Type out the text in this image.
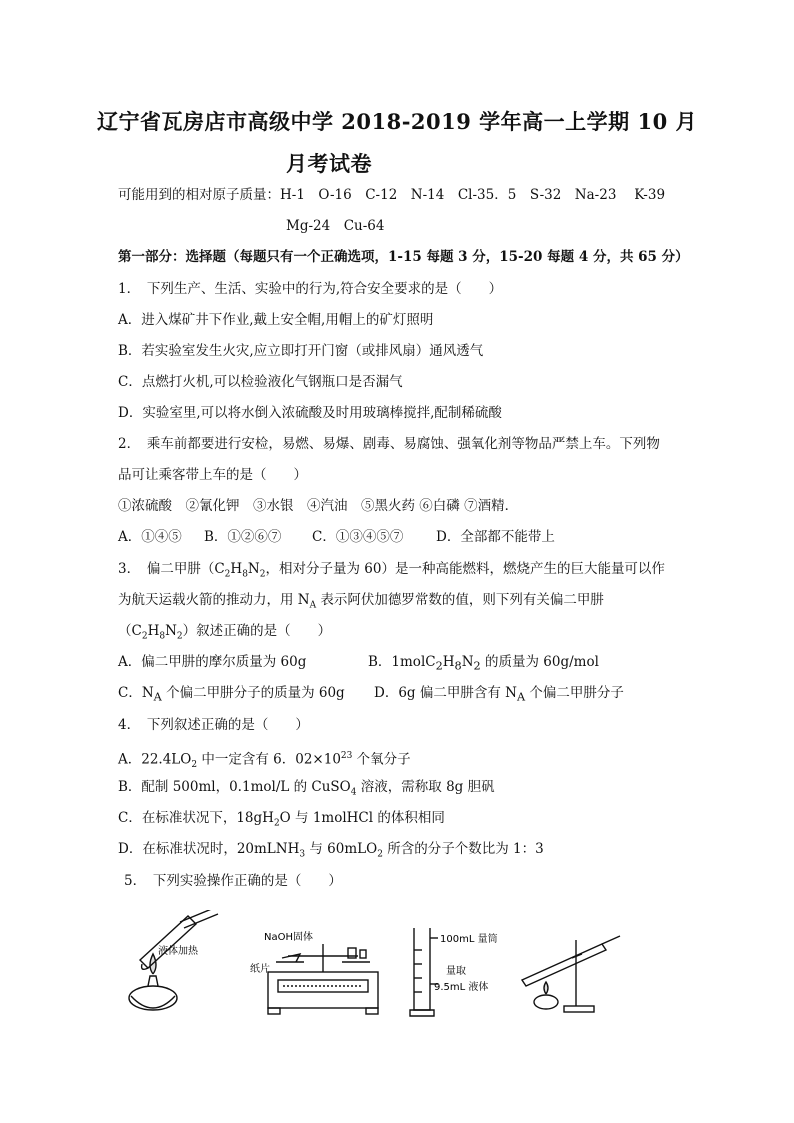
辽宁省瓦房店市高级中学 2018-2019 学年高一上学期 10 月
月考试卷
可能用到的相对原子质量：H-1　O-16　C-12　N-14　Cl-35．5　S-32　Na-23　 K-39
Mg-24　Cu-64
第一部分：选择题（每题只有一个正确选项，1-15 每题 3 分，15-20 每题 4 分，共 65 分）
1．　下列生产、生活、实验中的行为,符合安全要求的是（　　）
A．进入煤矿井下作业,戴上安全帽,用帽上的矿灯照明
B．若实验室发生火灾,应立即打开门窗（或排风扇）通风透气
C．点燃打火机,可以检验液化气钢瓶口是否漏气
D．实验室里,可以将水倒入浓硫酸及时用玻璃棒搅拌,配制稀硫酸
2．　乘车前都要进行安检，易燃、易爆、剧毒、易腐蚀、强氧化剂等物品严禁上车。下列物
品可让乘客带上车的是（　　）
①浓硫酸　②氰化钾　③水银　④汽油　⑤黑火药 ⑥白磷 ⑦酒精．
A．①④⑤ B．①②⑥⑦ C．①③④⑤⑦ D．全部都不能带上
3．　偏二甲肼（$C_2H_8N_2$，相对分子量为 60）是一种高能燃料，燃烧产生的巨大能量可以作
为航天运载火箭的推动力，用 $N_A$ 表示阿伏加德罗常数的值，则下列有关偏二甲肼
$(C_2H_8N_2)$叙述正确的是（　　）
A．偏二甲肼的摩尔质量为 60g	B．$1molC_2H_8N_2$ 的质量为 60g/mol
C．$N_A$ 个偏二甲肼分子的质量为 60g D．6g 偏二甲肼含有 $N_A$ 个偏二甲肼分子
4．　下列叙述正确的是（　　）
A．$22.4LO_2$ 中一定含有 6．$02\times 10^{23}$ 个氧分子
B．配制 500ml，0.1mol/L 的 CuSO$_4$ 溶液，需称取 8g 胆矾
C．在标准状况下，$18gH_2O$ 与 1molHCl 的体积相同
D．在标准状况时，20mLNH$_3$ 与 60mLO$_2$ 所含的分子个数比为 1：3
5．　下列实验操作正确的是（　　）
液体加热
NaOH固体
纸片
100mL 量筒
量取
9.5mL 液体
